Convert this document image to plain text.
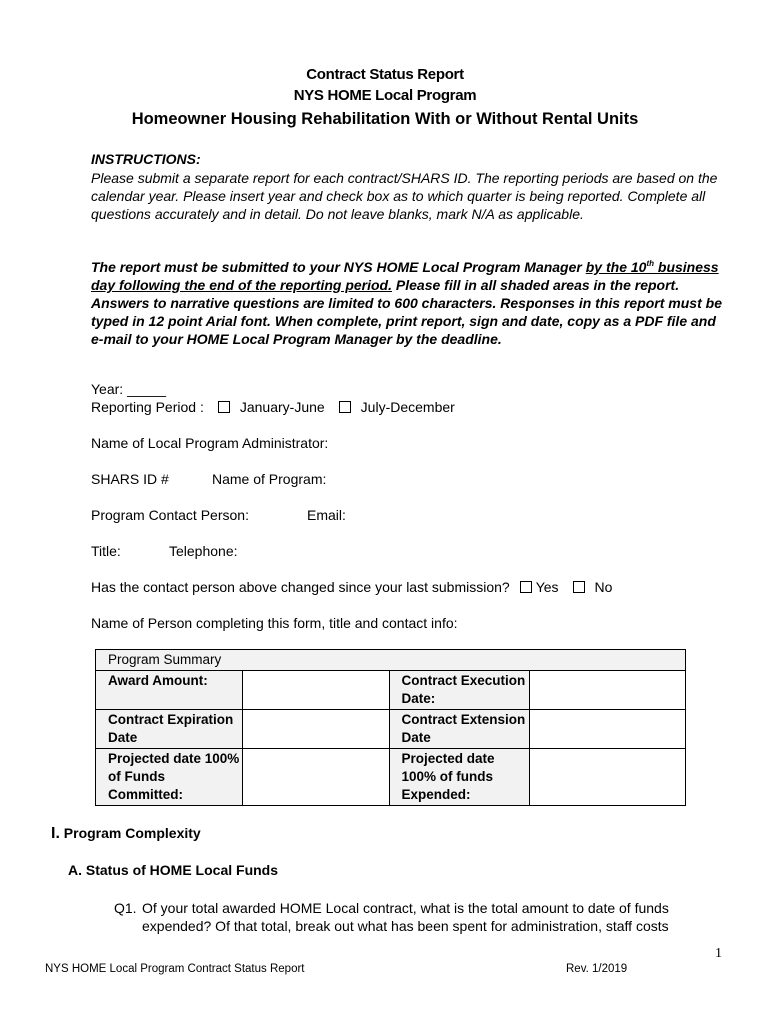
Contract Status Report
NYS HOME Local Program
Homeowner Housing Rehabilitation With or Without Rental Units
INSTRUCTIONS:
Please submit a separate report for each contract/SHARS ID. The reporting periods are based on the calendar year. Please insert year and check box as to which quarter is being reported. Complete all questions accurately and in detail. Do not leave blanks, mark N/A as applicable.
The report must be submitted to your NYS HOME Local Program Manager by the 10th business day following the end of the reporting period. Please fill in all shaded areas in the report. Answers to narrative questions are limited to 600 characters. Responses in this report must be typed in 12 point Arial font. When complete, print report, sign and date, copy as a PDF file and e-mail to your HOME Local Program Manager by the deadline.
Year: _____
Reporting Period :	January-June	July-December
Name of Local Program Administrator:
SHARS ID #	Name of Program:
Program Contact Person:	Email:
Title:	Telephone:
Has the contact person above changed since your last submission? Yes	No
Name of Person completing this form, title and contact info:
Program Summary			
Award Amount:		Contract Execution Date:	
Contract Expiration Date		Contract Extension Date	
Projected date 100% of Funds Committed:		Projected date 100% of funds Expended:	
I. Program Complexity
A. Status of HOME Local Funds
Q1. Of your total awarded HOME Local contract, what is the total amount to date of funds expended? Of that total, break out what has been spent for administration, staff costs
1
NYS HOME Local Program Contract Status Report	Rev. 1/2019
